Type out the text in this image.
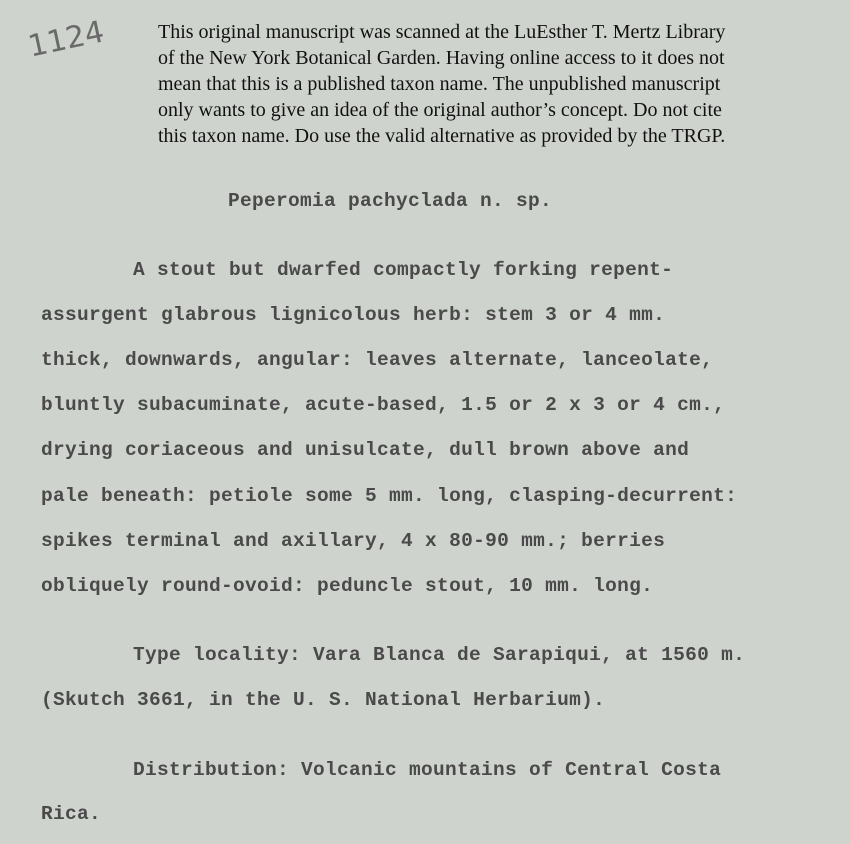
This original manuscript was scanned at the LuEsther T. Mertz Library
of the New York Botanical Garden. Having online access to it does not
mean that this is a published taxon name. The unpublished manuscript
only wants to give an idea of the original author’s concept. Do not cite
this taxon name. Do use the valid alternative as provided by the TRGP.
1124
Peperomia pachyclada n. sp.
A stout but dwarfed compactly forking repent-
assurgent glabrous lignicolous herb: stem 3 or 4 mm.
thick, downwards, angular: leaves alternate, lanceolate,
bluntly subacuminate, acute-based, 1.5 or 2 x 3 or 4 cm.,
drying coriaceous and unisulcate, dull brown above and
pale beneath: petiole some 5 mm. long, clasping-decurrent:
spikes terminal and axillary, 4 x 80-90 mm.; berries
obliquely round-ovoid: peduncle stout, 10 mm. long.
Type locality: Vara Blanca de Sarapiqui, at 1560 m.
(Skutch 3661, in the U. S. National Herbarium).
Distribution: Volcanic mountains of Central Costa
Rica.
